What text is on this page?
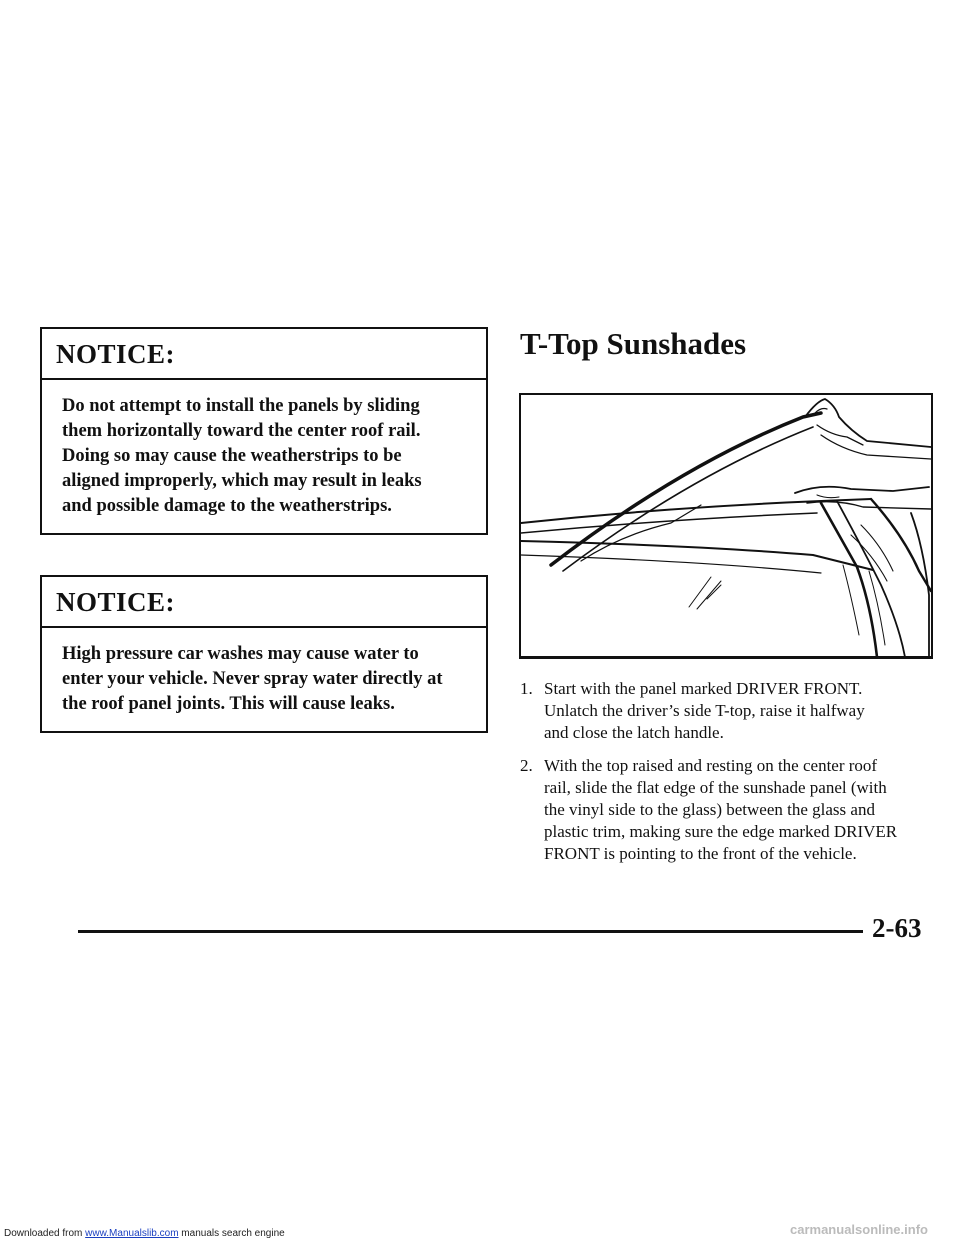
NOTICE:
Do not attempt to install the panels by sliding
them horizontally toward the center roof rail.
Doing so may cause the weatherstrips to be
aligned improperly, which may result in leaks
and possible damage to the weatherstrips.
NOTICE:
High pressure car washes may cause water to
enter your vehicle. Never spray water directly at
the roof panel joints. This will cause leaks.
T-Top Sunshades
1. Start with the panel marked DRIVER FRONT.
Unlatch the driver’s side T-top, raise it halfway
and close the latch handle.
2. With the top raised and resting on the center roof
rail, slide the flat edge of the sunshade panel (with
the vinyl side to the glass) between the glass and
plastic trim, making sure the edge marked DRIVER
FRONT is pointing to the front of the vehicle.
2-63
Downloaded from www.Manualslib.com manuals search engine	carmanualsonline.info
